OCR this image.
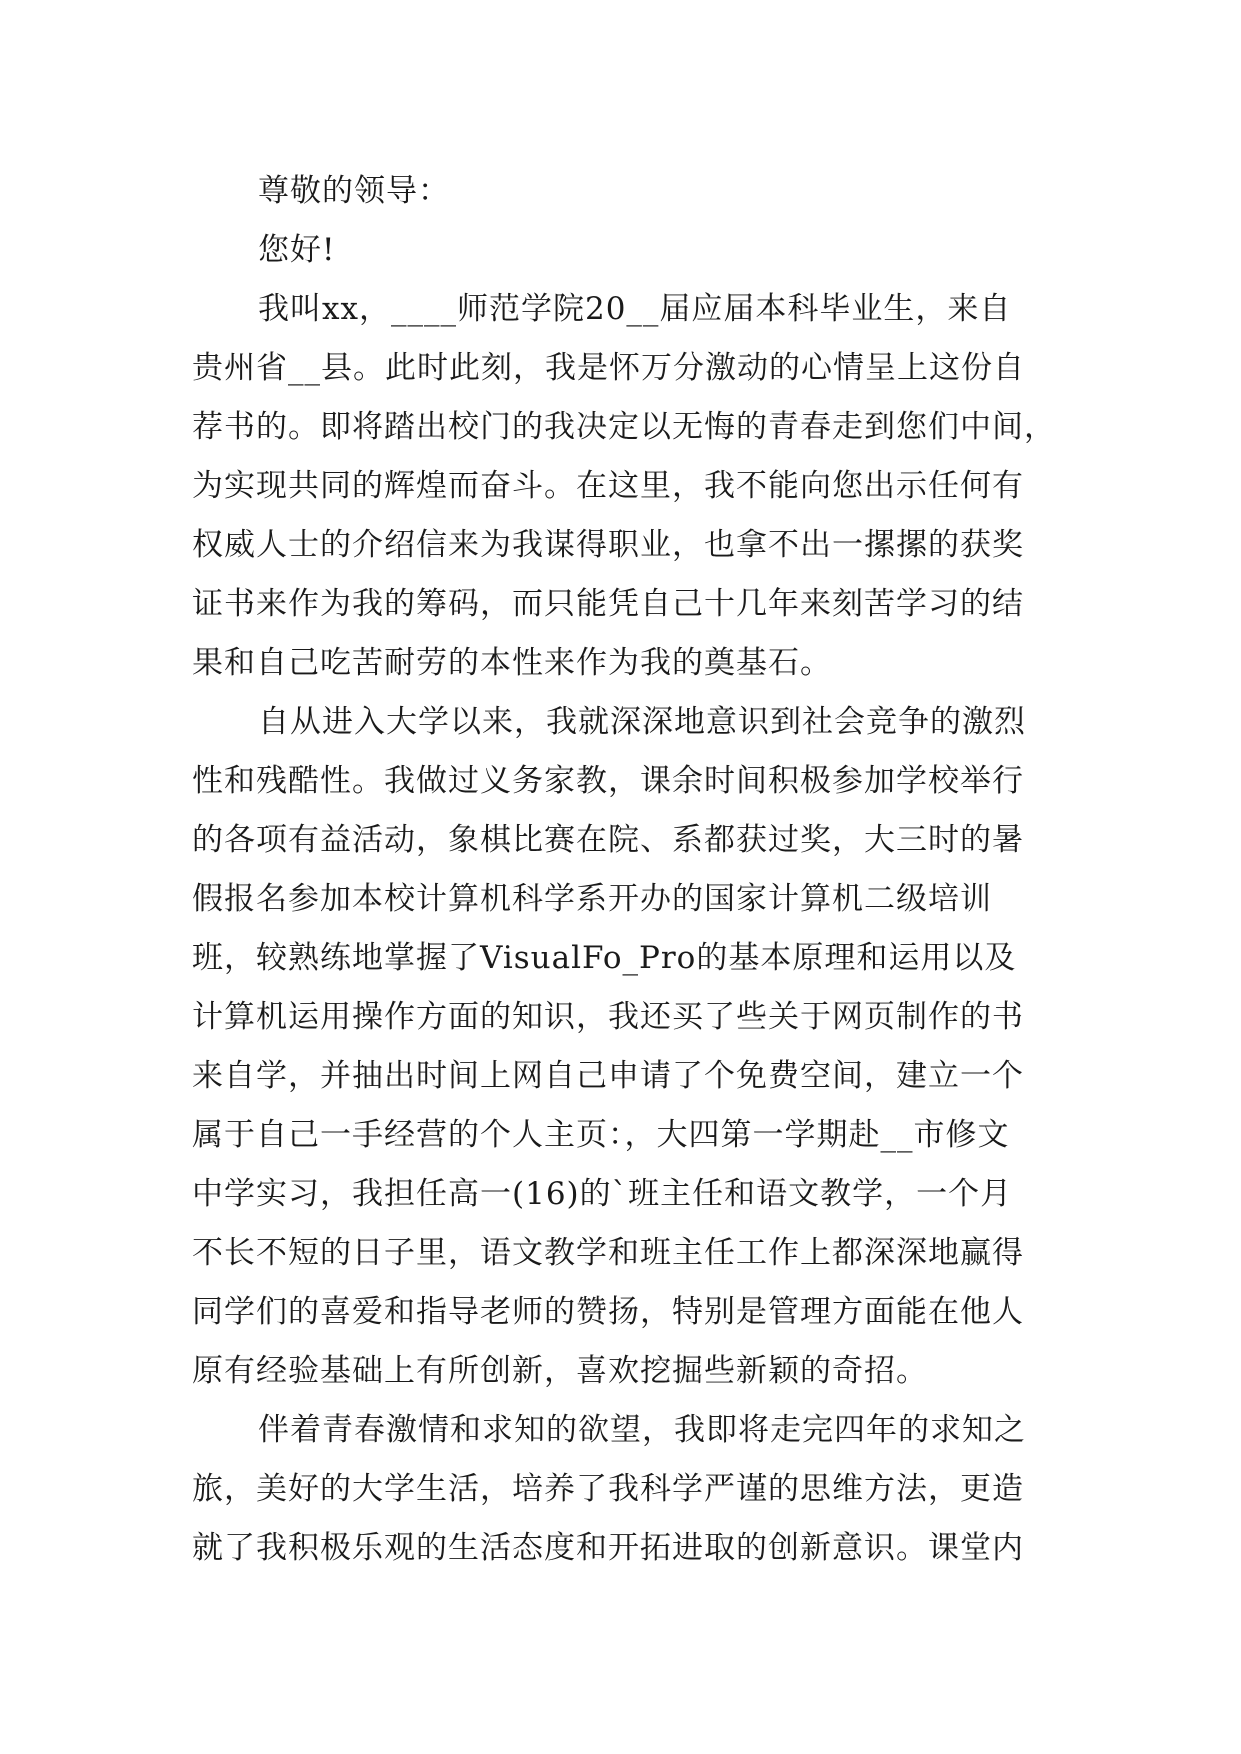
尊敬的领导：

您好!

我叫xx，____师范学院20__届应届本科毕业生，来自

贵州省__县。此时此刻，我是怀万分激动的心情呈上这份自

荐书的。即将踏出校门的我决定以无悔的青春走到您们中间，

为实现共同的辉煌而奋斗。在这里，我不能向您出示任何有

权威人士的介绍信来为我谋得职业，也拿不出一摞摞的获奖

证书来作为我的筹码，而只能凭自己十几年来刻苦学习的结

果和自己吃苦耐劳的本性来作为我的奠基石。

自从进入大学以来，我就深深地意识到社会竞争的激烈

性和残酷性。我做过义务家教，课余时间积极参加学校举行

的各项有益活动，象棋比赛在院、系都获过奖，大三时的暑

假报名参加本校计算机科学系开办的国家计算机二级培训

班，较熟练地掌握了VisualFo_Pro的基本原理和运用以及

计算机运用操作方面的知识，我还买了些关于网页制作的书

来自学，并抽出时间上网自己申请了个免费空间，建立一个

属于自己一手经营的个人主页：，大四第一学期赴__市修文

中学实习，我担任高一(16)的`班主任和语文教学，一个月

不长不短的日子里，语文教学和班主任工作上都深深地赢得

同学们的喜爱和指导老师的赞扬，特别是管理方面能在他人

原有经验基础上有所创新，喜欢挖掘些新颖的奇招。

伴着青春激情和求知的欲望，我即将走完四年的求知之

旅，美好的大学生活，培养了我科学严谨的思维方法，更造

就了我积极乐观的生活态度和开拓进取的创新意识。课堂内
